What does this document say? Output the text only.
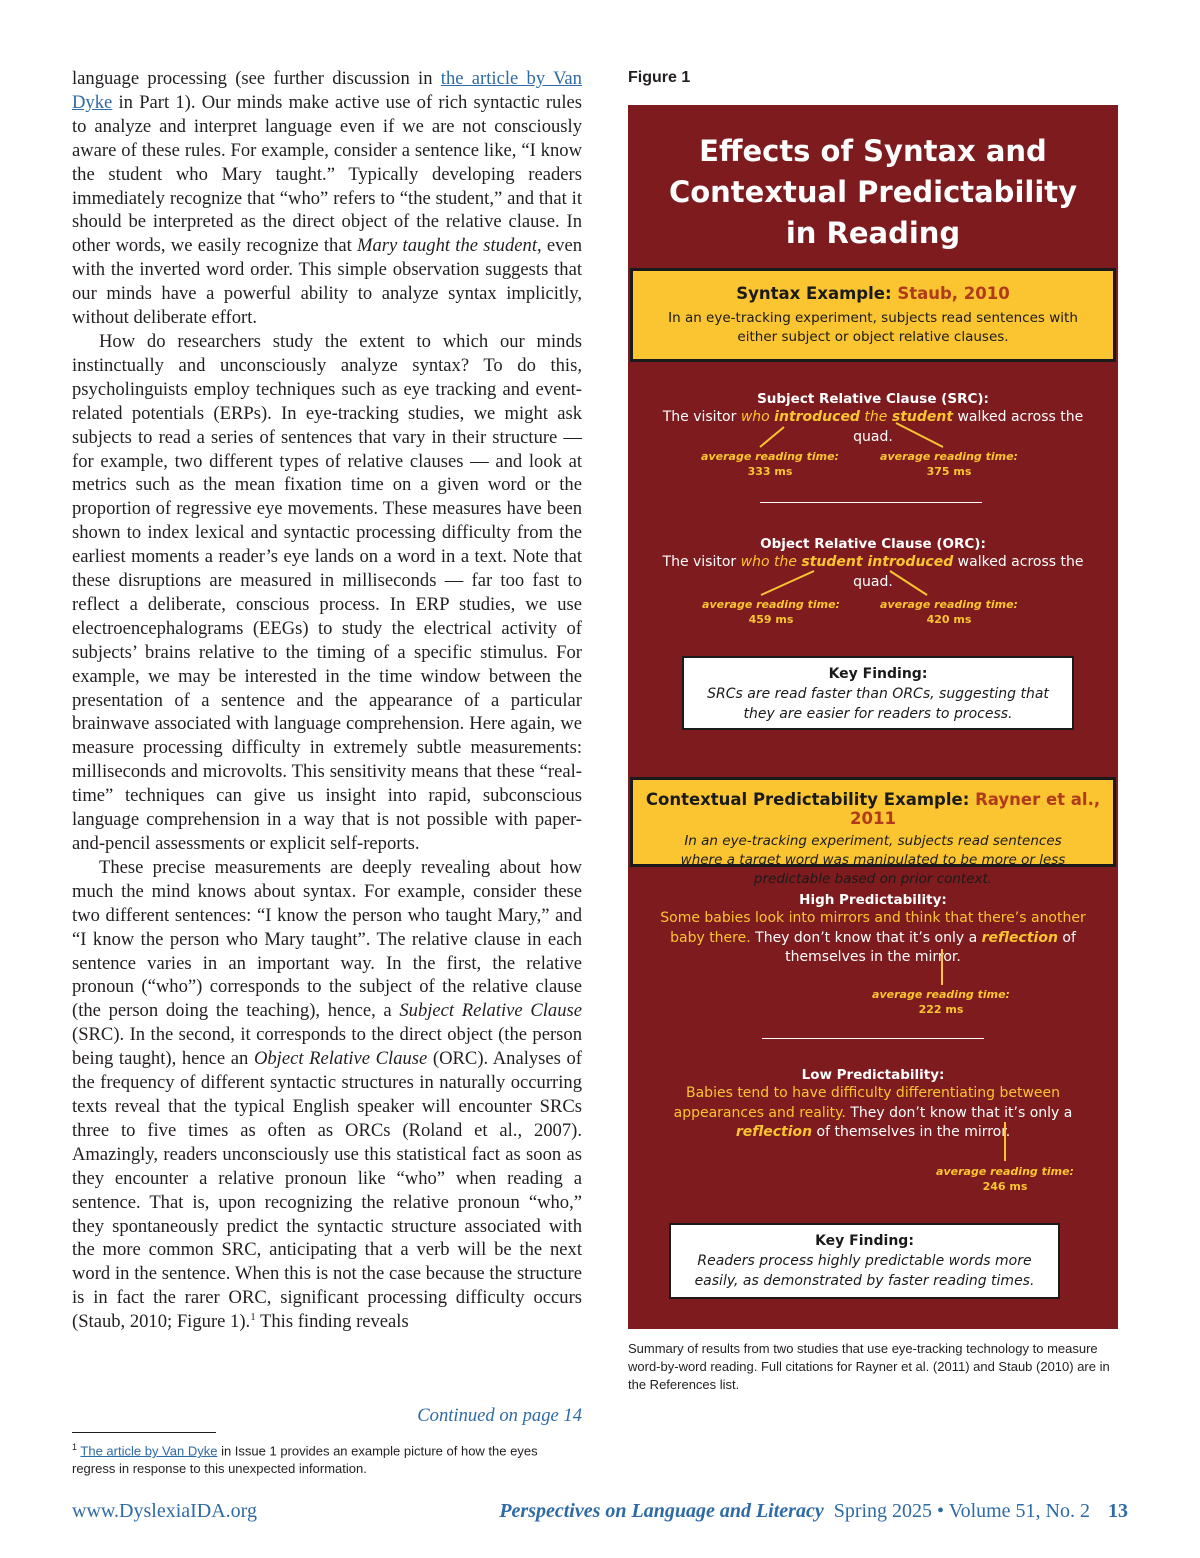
language processing (see further discussion in the article by Van Dyke in Part 1). Our minds make active use of rich syntactic rules to analyze and interpret language even if we are not consciously aware of these rules. For example, consider a sentence like, “I know the student who Mary taught.” Typically developing readers immediately recognize that “who” refers to “the student,” and that it should be interpreted as the direct object of the relative clause. In other words, we easily recognize that Mary taught the student, even with the inverted word order. This simple observation suggests that our minds have a powerful ability to analyze syntax implicitly, without deliberate effort.

How do researchers study the extent to which our minds instinctually and unconsciously analyze syntax? To do this, psycholinguists employ techniques such as eye tracking and event-related potentials (ERPs). In eye-tracking studies, we might ask subjects to read a series of sentences that vary in their structure — for example, two different types of relative clauses — and look at metrics such as the mean fixation time on a given word or the proportion of regressive eye movements. These measures have been shown to index lexical and syntactic processing difficulty from the earliest moments a reader’s eye lands on a word in a text. Note that these disruptions are measured in milliseconds — far too fast to reflect a deliberate, conscious process. In ERP studies, we use electroencephalograms (EEGs) to study the electrical activity of subjects’ brains relative to the timing of a specific stimulus. For example, we may be interested in the time window between the presentation of a sentence and the appearance of a particular brainwave associated with language comprehension. Here again, we measure processing difficulty in extremely subtle measurements: milliseconds and microvolts. This sensitivity means that these “real-time” techniques can give us insight into rapid, subconscious language comprehension in a way that is not possible with paper-and-pencil assessments or explicit self-reports.

These precise measurements are deeply revealing about how much the mind knows about syntax. For example, consider these two different sentences: “I know the person who taught Mary,” and “I know the person who Mary taught”. The relative clause in each sentence varies in an important way. In the first, the relative pronoun (“who”) corresponds to the subject of the relative clause (the person doing the teaching), hence, a Subject Relative Clause (SRC). In the second, it corresponds to the direct object (the person being taught), hence an Object Relative Clause (ORC). Analyses of the frequency of different syntactic structures in naturally occurring texts reveal that the typical English speaker will encounter SRCs three to five times as often as ORCs (Roland et al., 2007). Amazingly, readers unconsciously use this statistical fact as soon as they encounter a relative pronoun like “who” when reading a sentence. That is, upon recognizing the relative pronoun “who,” they spontaneously predict the syntactic structure associated with the more common SRC, anticipating that a verb will be the next word in the sentence. When this is not the case because the structure is in fact the rarer ORC, significant processing difficulty occurs (Staub, 2010; Figure 1).$^1$ This finding reveals

Continued on page 14
$^1$ The article by Van Dyke in Issue 1 provides an example picture of how the eyes regress in response to this unexpected information.
Figure 1
Effects of Syntax and
Contextual Predictability
in Reading
Syntax Example: Staub, 2010
In an eye-tracking experiment, subjects read sentences with either subject or object relative clauses.
Subject Relative Clause (SRC):
The visitor who introduced the student walked across the quad.
average reading time:
333 ms
average reading time:
375 ms
Object Relative Clause (ORC):
The visitor who the student introduced walked across the quad.
average reading time:
459 ms
average reading time:
420 ms
Key Finding:
SRCs are read faster than ORCs, suggesting that they are easier for readers to process.
Contextual Predictability Example: Rayner et al., 2011
In an eye-tracking experiment, subjects read sentences where a target word was manipulated to be more or less predictable based on prior context.
High Predictability:
Some babies look into mirrors and think that there’s another baby there. They don’t know that it’s only a reflection of themselves in the mirror.
average reading time:
222 ms
Low Predictability:
Babies tend to have difficulty differentiating between appearances and reality. They don’t know that it’s only a reflection of themselves in the mirror.
average reading time:
246 ms
Key Finding:
Readers process highly predictable words more easily, as demonstrated by faster reading times.
Summary of results from two studies that use eye-tracking technology to measure word-by-word reading. Full citations for Rayner et al. (2011) and Staub (2010) are in the References list.
www.DyslexiaIDA.org	Perspectives on Language and Literacy  Spring 2025 • Volume 51, No. 2 13
